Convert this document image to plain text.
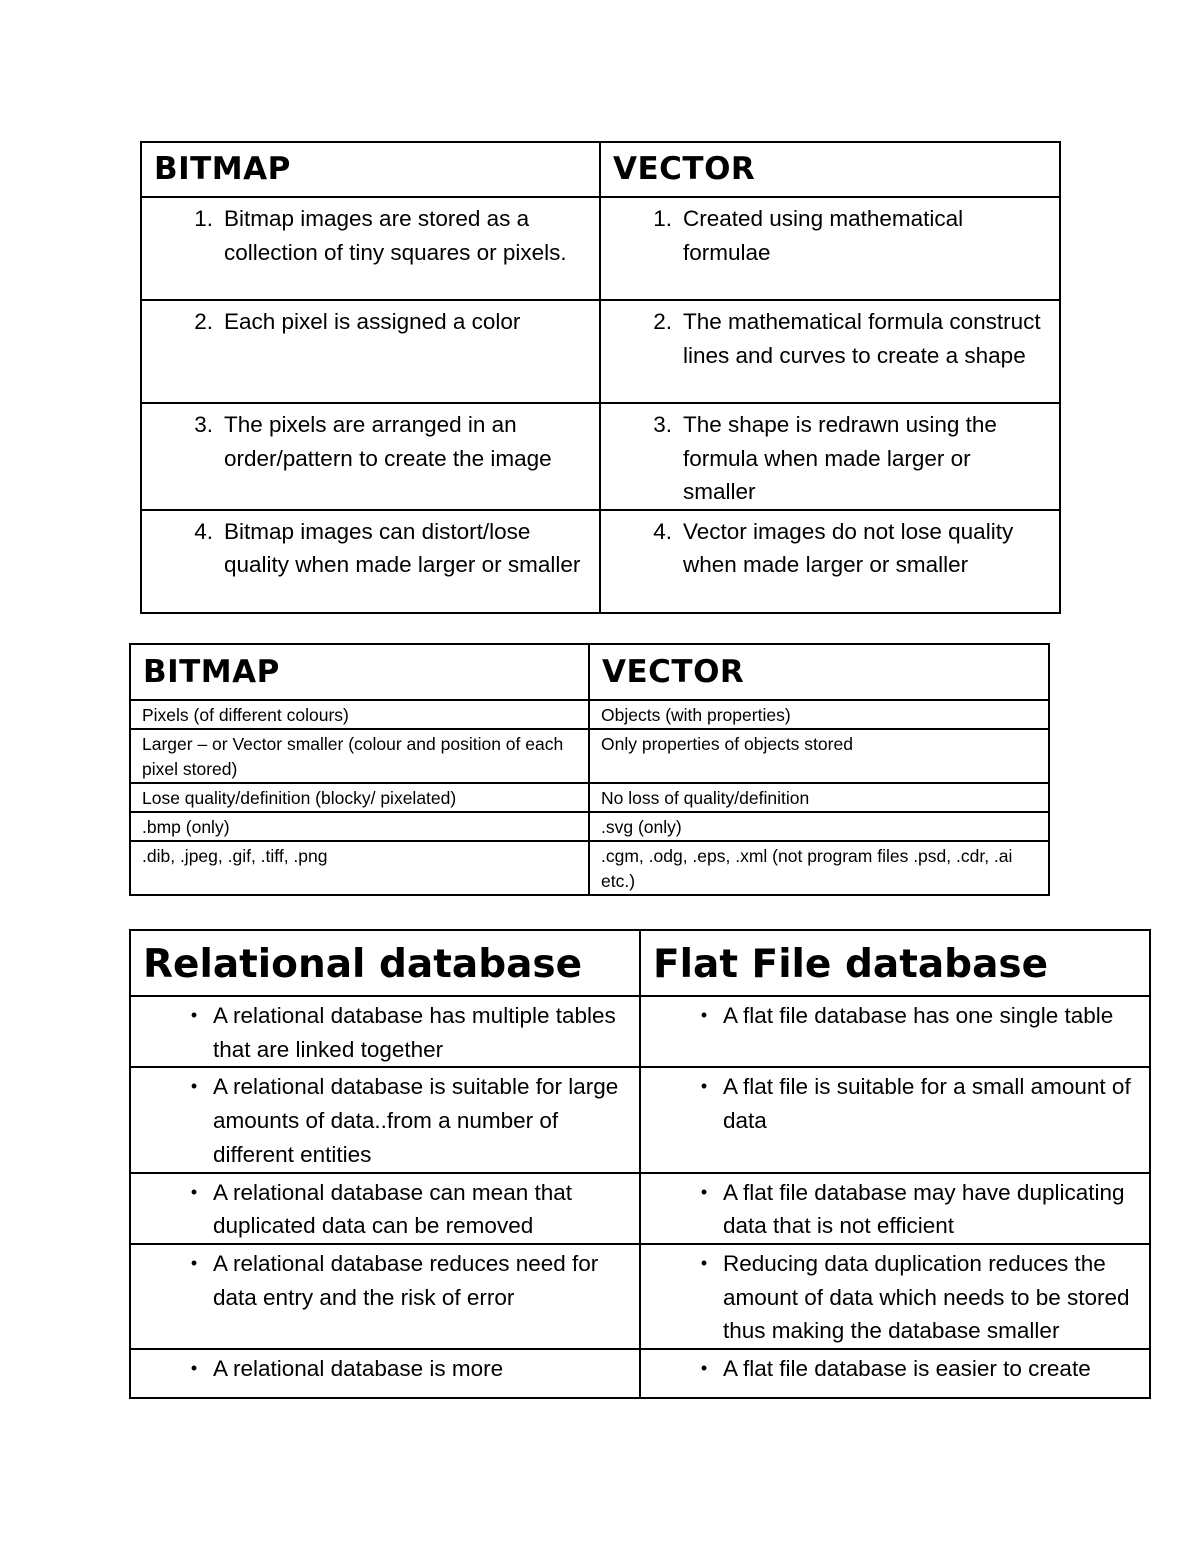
BITMAP	VECTOR

1. Bitmap images are stored as a collection of tiny squares or pixels.	1. Created using mathematical formulae

2. Each pixel is assigned a color	2. The mathematical formula construct lines and curves to create a shape

3. The pixels are arranged in an order/pattern to create the image	3. The shape is redrawn using the formula when made larger or smaller

4. Bitmap images can distort/lose quality when made larger or smaller	4. Vector images do not lose quality when made larger or smaller
BITMAP	VECTOR
Pixels (of different colours)	Objects (with properties)
Larger – or Vector smaller (colour and position of each pixel stored)	Only properties of objects stored
Lose quality/definition (blocky/ pixelated)	No loss of quality/definition
.bmp (only)	.svg (only)
.dib, .jpeg, .gif, .tiff, .png	.cgm, .odg, .eps, .xml (not program files .psd, .cdr, .ai etc.)
Relational database	Flat File database

• A relational database has multiple tables that are linked together	• A flat file database has one single table

• A relational database is suitable for large amounts of data..from a number of different entities	• A flat file is suitable for a small amount of data

• A relational database can mean that duplicated data can be removed	• A flat file database may have duplicating data that is not efficient

• A relational database reduces need for data entry and the risk of error	• Reducing data duplication reduces the amount of data which needs to be stored thus making the database smaller

• A relational database is more	• A flat file database is easier to create
